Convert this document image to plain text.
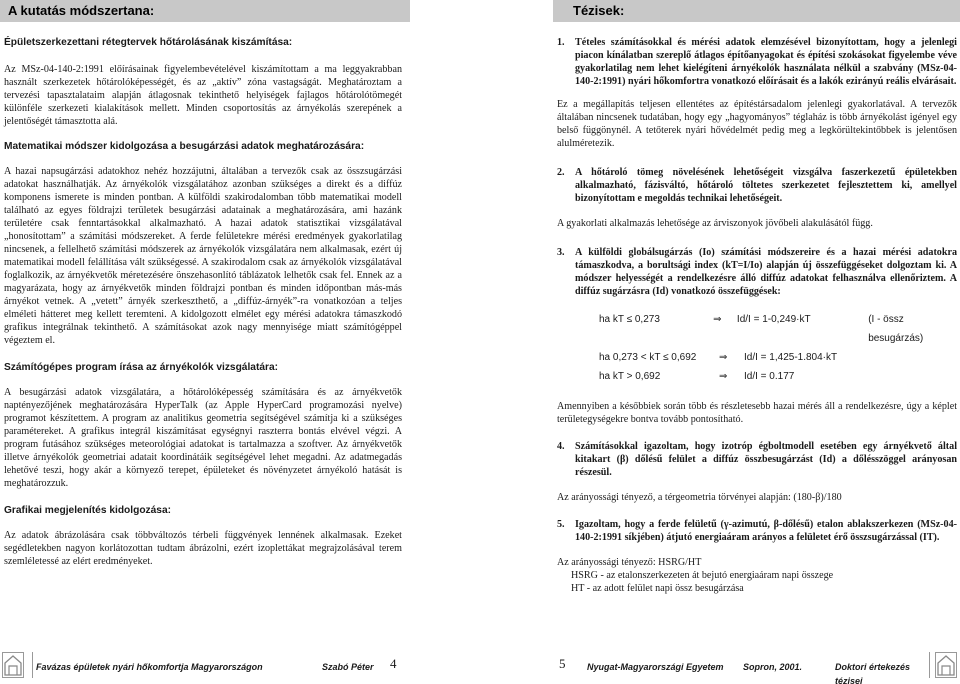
A kutatás módszertana:
Épületszerkezettani rétegtervek hőtárolásának kiszámítása:
Az MSz-04-140-2:1991 előírásainak figyelembevételével kiszámítottam a ma leggyakrabban használt szerkezetek hőtárolóképességét, és az „aktív” zóna vastagságát. Meghatároztam a tervezési tapasztalataim alapján átlagosnak tekinthető helyiségek fajlagos hőtárolótömegét különféle szerkezeti kialakítások mellett. Minden csoportosítás az árnyékolás szerepének a jelentőségét támasztotta alá.
Matematikai módszer kidolgozása a besugárzási adatok meghatározására:
A hazai napsugárzási adatokhoz nehéz hozzájutni, általában a tervezők csak az összsugárzási adatokat használhatják. Az árnyékolók vizsgálatához azonban szükséges a direkt és a diffúz komponens ismerete is minden pontban. A külföldi szakirodalomban több matematikai modell található az egyes földrajzi területek besugárzási adatainak a meghatározására, ami hazánk területére csak fenntartásokkal alkalmazható. A hazai adatok statisztikai vizsgálatával „honosítottam” a számítási módszereket. A ferde felületekre mérési eredmények gyakorlatilag nincsenek, a fellelhető számítási módszerek az árnyékolók vizsgálatára nem alkalmasak, ezért új matematikai modell felállítása vált szükségessé. A szakirodalom csak az árnyékolók vizsgálatával foglalkozik, az árnyékvetők méretezésére önszehasonlító táblázatok lelhetők csak fel. Ennek az a magyarázata, hogy az árnyékvetők minden földrajzi pontban és minden időpontban más-más árnyékot vetnek. A „vetett” árnyék szerkeszthető, a „diffúz-árnyék”-ra vonatkozóan a teljes elméleti hátteret meg kellett teremteni. A kidolgozott elmélet egy mérési adatokra támaszkodó grafikus integrálnak tekinthető. A számításokat azok nagy mennyisége miatt számítógéppel végeztem el.
Számítógépes program írása az árnyékolók vizsgálatára:
A besugárzási adatok vizsgálatára, a hőtárolóképesség számítására és az árnyékvetők naptényezőjének meghatározására HyperTalk (az Apple HyperCard programozási nyelve) programot készítettem. A program az analitikus geometria segítségével számítja ki a szükséges paramétereket. A grafikus integrál kiszámításat egységnyi raszterra bontás elvével végzi. A program futásához szükséges meteorológiai adatokat is tartalmazza a szoftver. Az árnyékvetők illetve árnyékolók geometriai adatait koordinátáik segítségével lehet megadni. Az adatmegadás lehetővé teszi, hogy akár a környező terepet, épületeket és növényzetet árnyékoló hatását is meghatározzuk.
Grafikai megjelenítés kidolgozása:
Az adatok ábrázolására csak többváltozós térbeli függvények lennének alkalmasak. Ezeket segédletekben nagyon korlátozottan tudtam ábrázolni, ezért izoplettákat megrajzolásával terem szemléletessé az elért eredményeket.
Favázas épületek nyári hőkomfortja Magyarországon	Szabó Péter	4
Tézisek:
1.	Tételes számításokkal és mérési adatok elemzésével bizonyítottam, hogy a jelenlegi piacon kínálatban szereplő átlagos építőanyagokat és építési szokásokat figyelembe véve gyakorlatilag nem lehet kielégíteni árnyékolók használata nélkül a szabvány (MSz-04-140-2:1991) nyári hőkomfortra vonatkozó előírásait és a lakók ezirányú reális elvárásait.
Ez a megállapítás teljesen ellentétes az építéstársadalom jelenlegi gyakorlatával. A tervezők általában nincsenek tudatában, hogy egy „hagyományos” téglaház is több árnyékolást igényel egy belső függönynél. A tetőterek nyári hővédelmét pedig meg a legkörültekintőbbek is jelentősen alulméretezik.
2.	A hőtároló tömeg növelésének lehetőségeit vizsgálva faszerkezetű épületekben alkalmazható, fázisváltó, hőtároló töltetes szerkezetet fejlesztettem ki, amellyel bizonyítottam e megoldás technikai lehetőségeit.
A gyakorlati alkalmazás lehetősége az árviszonyok jövőbeli alakulásától függ.
3.	A külföldi globálsugárzás (Io) számítási módszereire és a hazai mérési adatokra támaszkodva, a borultsági index (kT=I/Io) alapján új összefüggéseket dolgoztam ki. A módszer helyességét a rendelkezésre álló diffúz adatokat felhasználva ellenőriztem. A diffúz sugárzásra (Id) vonatkozó összefüggések:
ha kT ≤ 0,273	⇒	Id/I = 1-0,249·kT	(I - össz besugárzás)
ha 0,273 < kT ≤ 0,692	⇒	Id/I = 1,425-1.804·kT
ha kT > 0,692	⇒	Id/I = 0.177
Amennyiben a későbbiek során több és részletesebb hazai mérés áll a rendelkezésre, úgy a képlet területegységekre bontva tovább pontosítható.
4.	Számításokkal igazoltam, hogy izotróp égboltmodell esetében egy árnyékvető által kitakart (β) dőlésű felület a diffúz összbesugárzást (Id) a dőlésszöggel arányosan részesül.
Az arányossági tényező, a térgeometria törvényei alapján: (180-β)/180
5.	Igazoltam, hogy a ferde felületű (γ-azimutú, β-dőlésű) etalon ablakszerkezen (MSz-04-140-2:1991 síkjében) átjutó energiaáram arányos a felületet érő összsugárzással (IT).
Az arányossági tényező: HSRG/HT
HSRG - az etalonszerkezeten át bejutó energiaáram napi összege
HT - az adott felület napi össz besugárzása
5 Nyugat-Magyarországi Egyetem	Sopron, 2001.	Doktori értekezés tézisei
